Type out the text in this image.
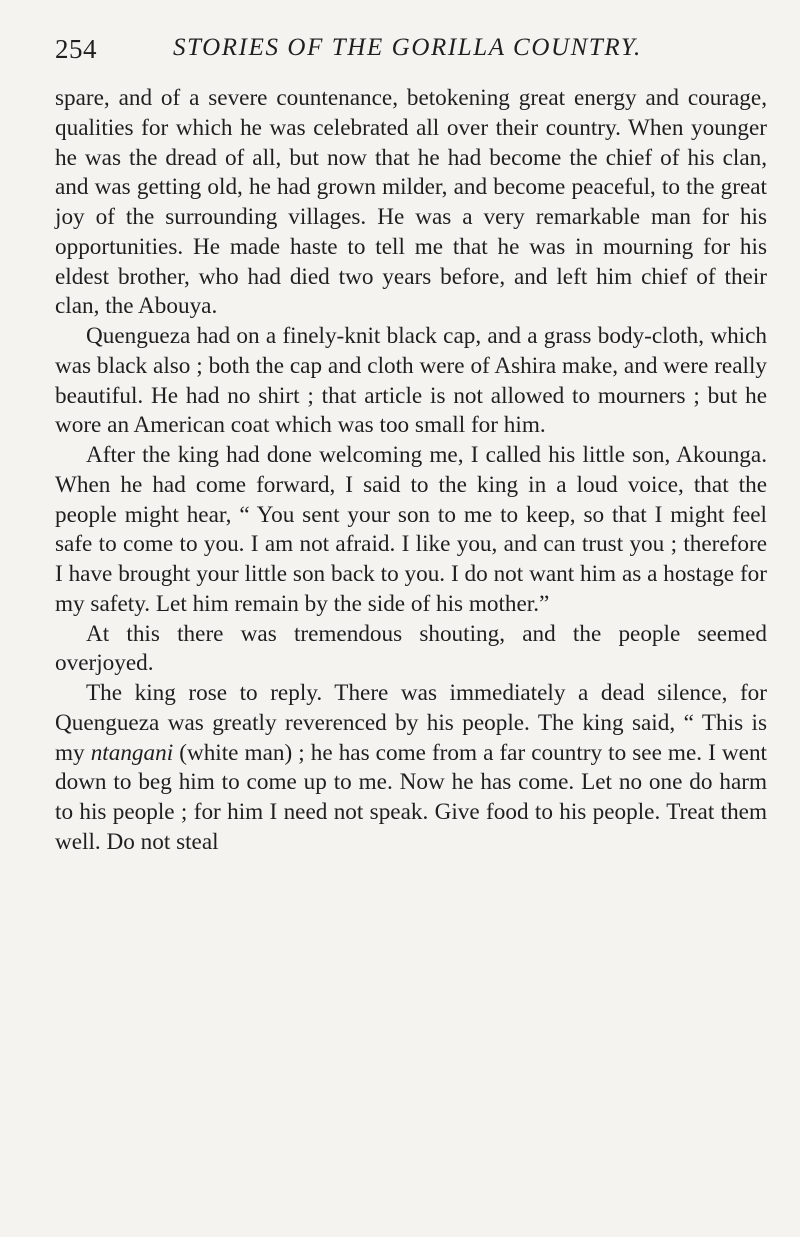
254	STORIES OF THE GORILLA COUNTRY.

spare, and of a severe countenance, betokening great energy and courage, qualities for which he was celebrated all over their country. When younger he was the dread of all, but now that he had become the chief of his clan, and was getting old, he had grown milder, and become peaceful, to the great joy of the surrounding villages. He was a very remarkable man for his opportunities. He made haste to tell me that he was in mourning for his eldest brother, who had died two years before, and left him chief of their clan, the Abouya.

Quengueza had on a finely-knit black cap, and a grass body-cloth, which was black also ; both the cap and cloth were of Ashira make, and were really beautiful. He had no shirt ; that article is not allowed to mourners ; but he wore an American coat which was too small for him.

After the king had done welcoming me, I called his little son, Akounga. When he had come forward, I said to the king in a loud voice, that the people might hear, “ You sent your son to me to keep, so that I might feel safe to come to you. I am not afraid. I like you, and can trust you ; therefore I have brought your little son back to you. I do not want him as a hostage for my safety. Let him remain by the side of his mother.”

At this there was tremendous shouting, and the people seemed overjoyed.

The king rose to reply. There was immediately a dead silence, for Quengueza was greatly reverenced by his people. The king said, “ This is my ntangani (white man) ; he has come from a far country to see me. I went down to beg him to come up to me. Now he has come. Let no one do harm to his people ; for him I need not speak. Give food to his people. Treat them well. Do not steal
